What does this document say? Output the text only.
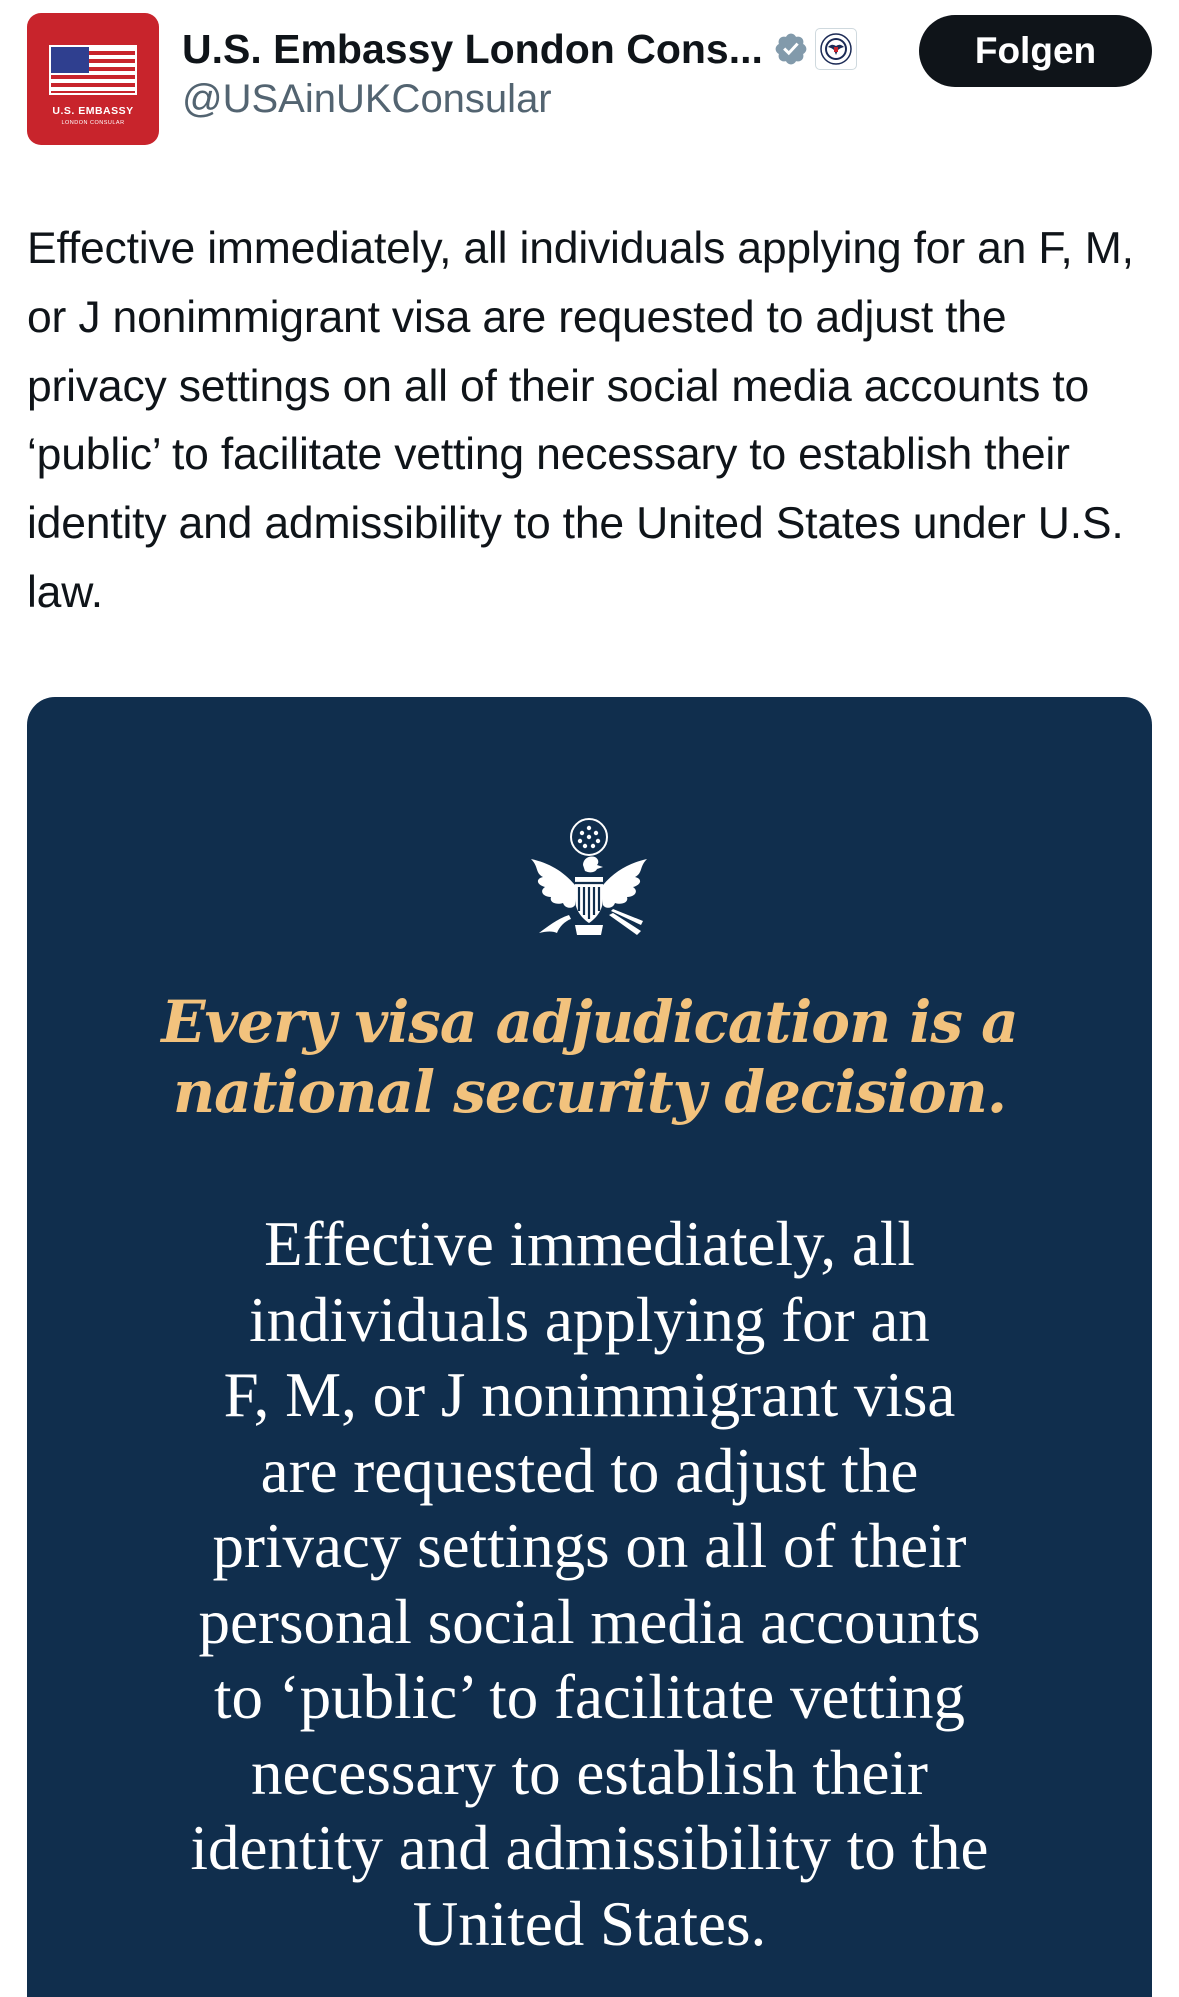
U.S. EMBASSY
LONDON CONSULAR
U.S. Embassy London Cons...
@USAinUKConsular
Folgen
Effective immediately, all individuals applying for an F, M, or J nonimmigrant visa are requested to adjust the privacy settings on all of their social media accounts to ‘public’ to facilitate vetting necessary to establish their identity and admissibility to the United States under U.S. law.
Every visa adjudication is a
national security decision.
Effective immediately, all
individuals applying for an
F, M, or J nonimmigrant visa
are requested to adjust the
privacy settings on all of their
personal social media accounts
to ‘public’ to facilitate vetting
necessary to establish their
identity and admissibility to the
United States.
